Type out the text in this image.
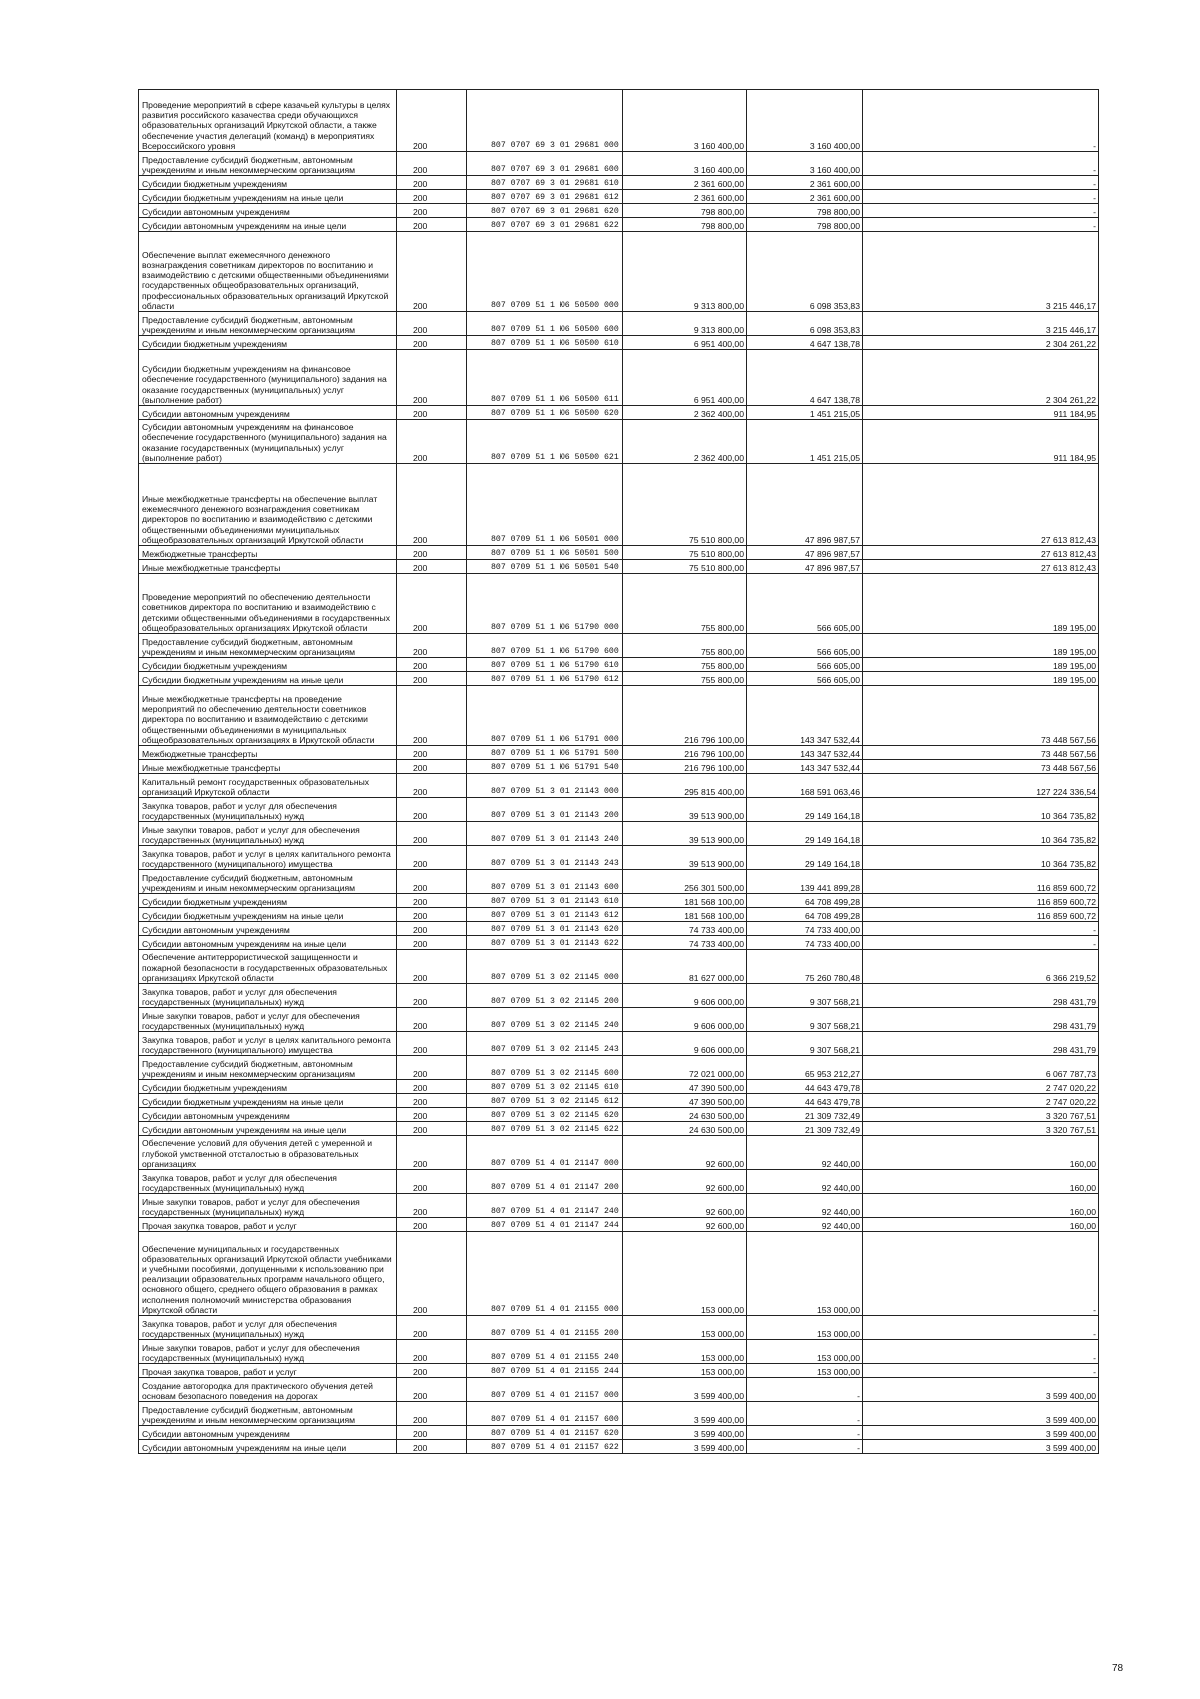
Проведение мероприятий в сфере казачьей культуры в целях развития российского казачества среди обучающихся образовательных организаций Иркутской области, а также обеспечение участия делегаций (команд) в мероприятиях Всероссийского уровня	200	807 0707 69 3 01 29681 000	3 160 400,00	3 160 400,00	-
Предоставление субсидий бюджетным, автономным учреждениям и иным некоммерческим организациям	200	807 0707 69 3 01 29681 600	3 160 400,00	3 160 400,00	-
Субсидии бюджетным учреждениям	200	807 0707 69 3 01 29681 610	2 361 600,00	2 361 600,00	-
Субсидии бюджетным учреждениям на иные цели	200	807 0707 69 3 01 29681 612	2 361 600,00	2 361 600,00	-
Субсидии автономным учреждениям	200	807 0707 69 3 01 29681 620	798 800,00	798 800,00	-
Субсидии автономным учреждениям на иные цели	200	807 0707 69 3 01 29681 622	798 800,00	798 800,00	-
Обеспечение выплат ежемесячного денежного вознаграждения советникам директоров по воспитанию и взаимодействию с детскими общественными объединениями государственных общеобразовательных организаций, профессиональных образовательных организаций Иркутской области	200	807 0709 51 1 Ю6 50500 000	9 313 800,00	6 098 353,83	3 215 446,17
Предоставление субсидий бюджетным, автономным учреждениям и иным некоммерческим организациям	200	807 0709 51 1 Ю6 50500 600	9 313 800,00	6 098 353,83	3 215 446,17
Субсидии бюджетным учреждениям	200	807 0709 51 1 Ю6 50500 610	6 951 400,00	4 647 138,78	2 304 261,22
Субсидии бюджетным учреждениям на финансовое обеспечение государственного (муниципального) задания на оказание государственных (муниципальных) услуг (выполнение работ)	200	807 0709 51 1 Ю6 50500 611	6 951 400,00	4 647 138,78	2 304 261,22
Субсидии автономным учреждениям	200	807 0709 51 1 Ю6 50500 620	2 362 400,00	1 451 215,05	911 184,95
Субсидии автономным учреждениям на финансовое обеспечение государственного (муниципального) задания на оказание государственных (муниципальных) услуг (выполнение работ)	200	807 0709 51 1 Ю6 50500 621	2 362 400,00	1 451 215,05	911 184,95
Иные межбюджетные трансферты на обеспечение выплат ежемесячного денежного вознаграждения советникам директоров по воспитанию и взаимодействию с детскими общественными объединениями муниципальных общеобразовательных организаций Иркутской области	200	807 0709 51 1 Ю6 50501 000	75 510 800,00	47 896 987,57	27 613 812,43
Межбюджетные трансферты	200	807 0709 51 1 Ю6 50501 500	75 510 800,00	47 896 987,57	27 613 812,43
Иные межбюджетные трансферты	200	807 0709 51 1 Ю6 50501 540	75 510 800,00	47 896 987,57	27 613 812,43
Проведение мероприятий по обеспечению деятельности советников директора по воспитанию и взаимодействию с детскими общественными объединениями в государственных общеобразовательных организациях Иркутской области	200	807 0709 51 1 Ю6 51790 000	755 800,00	566 605,00	189 195,00
Предоставление субсидий бюджетным, автономным учреждениям и иным некоммерческим организациям	200	807 0709 51 1 Ю6 51790 600	755 800,00	566 605,00	189 195,00
Субсидии бюджетным учреждениям	200	807 0709 51 1 Ю6 51790 610	755 800,00	566 605,00	189 195,00
Субсидии бюджетным учреждениям на иные цели	200	807 0709 51 1 Ю6 51790 612	755 800,00	566 605,00	189 195,00
Иные межбюджетные трансферты на проведение мероприятий по обеспечению деятельности советников директора по воспитанию и взаимодействию с детскими общественными объединениями в муниципальных общеобразовательных организациях в Иркутской области	200	807 0709 51 1 Ю6 51791 000	216 796 100,00	143 347 532,44	73 448 567,56
Межбюджетные трансферты	200	807 0709 51 1 Ю6 51791 500	216 796 100,00	143 347 532,44	73 448 567,56
Иные межбюджетные трансферты	200	807 0709 51 1 Ю6 51791 540	216 796 100,00	143 347 532,44	73 448 567,56
Капитальный ремонт государственных образовательных организаций Иркутской области	200	807 0709 51 3 01 21143 000	295 815 400,00	168 591 063,46	127 224 336,54
Закупка товаров, работ и услуг для обеспечения государственных (муниципальных) нужд	200	807 0709 51 3 01 21143 200	39 513 900,00	29 149 164,18	10 364 735,82
Иные закупки товаров, работ и услуг для обеспечения государственных (муниципальных) нужд	200	807 0709 51 3 01 21143 240	39 513 900,00	29 149 164,18	10 364 735,82
Закупка товаров, работ и услуг в целях капитального ремонта государственного (муниципального) имущества	200	807 0709 51 3 01 21143 243	39 513 900,00	29 149 164,18	10 364 735,82
Предоставление субсидий бюджетным, автономным учреждениям и иным некоммерческим организациям	200	807 0709 51 3 01 21143 600	256 301 500,00	139 441 899,28	116 859 600,72
Субсидии бюджетным учреждениям	200	807 0709 51 3 01 21143 610	181 568 100,00	64 708 499,28	116 859 600,72
Субсидии бюджетным учреждениям на иные цели	200	807 0709 51 3 01 21143 612	181 568 100,00	64 708 499,28	116 859 600,72
Субсидии автономным учреждениям	200	807 0709 51 3 01 21143 620	74 733 400,00	74 733 400,00	-
Субсидии автономным учреждениям на иные цели	200	807 0709 51 3 01 21143 622	74 733 400,00	74 733 400,00	-
Обеспечение антитеррористической защищенности и пожарной безопасности в государственных образовательных организациях Иркутской области	200	807 0709 51 3 02 21145 000	81 627 000,00	75 260 780,48	6 366 219,52
Закупка товаров, работ и услуг для обеспечения государственных (муниципальных) нужд	200	807 0709 51 3 02 21145 200	9 606 000,00	9 307 568,21	298 431,79
Иные закупки товаров, работ и услуг для обеспечения государственных (муниципальных) нужд	200	807 0709 51 3 02 21145 240	9 606 000,00	9 307 568,21	298 431,79
Закупка товаров, работ и услуг в целях капитального ремонта государственного (муниципального) имущества	200	807 0709 51 3 02 21145 243	9 606 000,00	9 307 568,21	298 431,79
Предоставление субсидий бюджетным, автономным учреждениям и иным некоммерческим организациям	200	807 0709 51 3 02 21145 600	72 021 000,00	65 953 212,27	6 067 787,73
Субсидии бюджетным учреждениям	200	807 0709 51 3 02 21145 610	47 390 500,00	44 643 479,78	2 747 020,22
Субсидии бюджетным учреждениям на иные цели	200	807 0709 51 3 02 21145 612	47 390 500,00	44 643 479,78	2 747 020,22
Субсидии автономным учреждениям	200	807 0709 51 3 02 21145 620	24 630 500,00	21 309 732,49	3 320 767,51
Субсидии автономным учреждениям на иные цели	200	807 0709 51 3 02 21145 622	24 630 500,00	21 309 732,49	3 320 767,51
Обеспечение условий для обучения детей с умеренной и глубокой умственной отсталостью в образовательных организациях	200	807 0709 51 4 01 21147 000	92 600,00	92 440,00	160,00
Закупка товаров, работ и услуг для обеспечения государственных (муниципальных) нужд	200	807 0709 51 4 01 21147 200	92 600,00	92 440,00	160,00
Иные закупки товаров, работ и услуг для обеспечения государственных (муниципальных) нужд	200	807 0709 51 4 01 21147 240	92 600,00	92 440,00	160,00
Прочая закупка товаров, работ и услуг	200	807 0709 51 4 01 21147 244	92 600,00	92 440,00	160,00
Обеспечение муниципальных и государственных образовательных организаций Иркутской области учебниками и учебными пособиями, допущенными к использованию при реализации образовательных программ начального общего, основного общего, среднего общего образования в рамках исполнения полномочий министерства образования Иркутской области	200	807 0709 51 4 01 21155 000	153 000,00	153 000,00	-
Закупка товаров, работ и услуг для обеспечения государственных (муниципальных) нужд	200	807 0709 51 4 01 21155 200	153 000,00	153 000,00	-
Иные закупки товаров, работ и услуг для обеспечения государственных (муниципальных) нужд	200	807 0709 51 4 01 21155 240	153 000,00	153 000,00	-
Прочая закупка товаров, работ и услуг	200	807 0709 51 4 01 21155 244	153 000,00	153 000,00	-
Создание автогородка для практического обучения детей основам безопасного поведения на дорогах	200	807 0709 51 4 01 21157 000	3 599 400,00	-	3 599 400,00
Предоставление субсидий бюджетным, автономным учреждениям и иным некоммерческим организациям	200	807 0709 51 4 01 21157 600	3 599 400,00	-	3 599 400,00
Субсидии автономным учреждениям	200	807 0709 51 4 01 21157 620	3 599 400,00	-	3 599 400,00
Субсидии автономным учреждениям на иные цели	200	807 0709 51 4 01 21157 622	3 599 400,00	-	3 599 400,00
78
